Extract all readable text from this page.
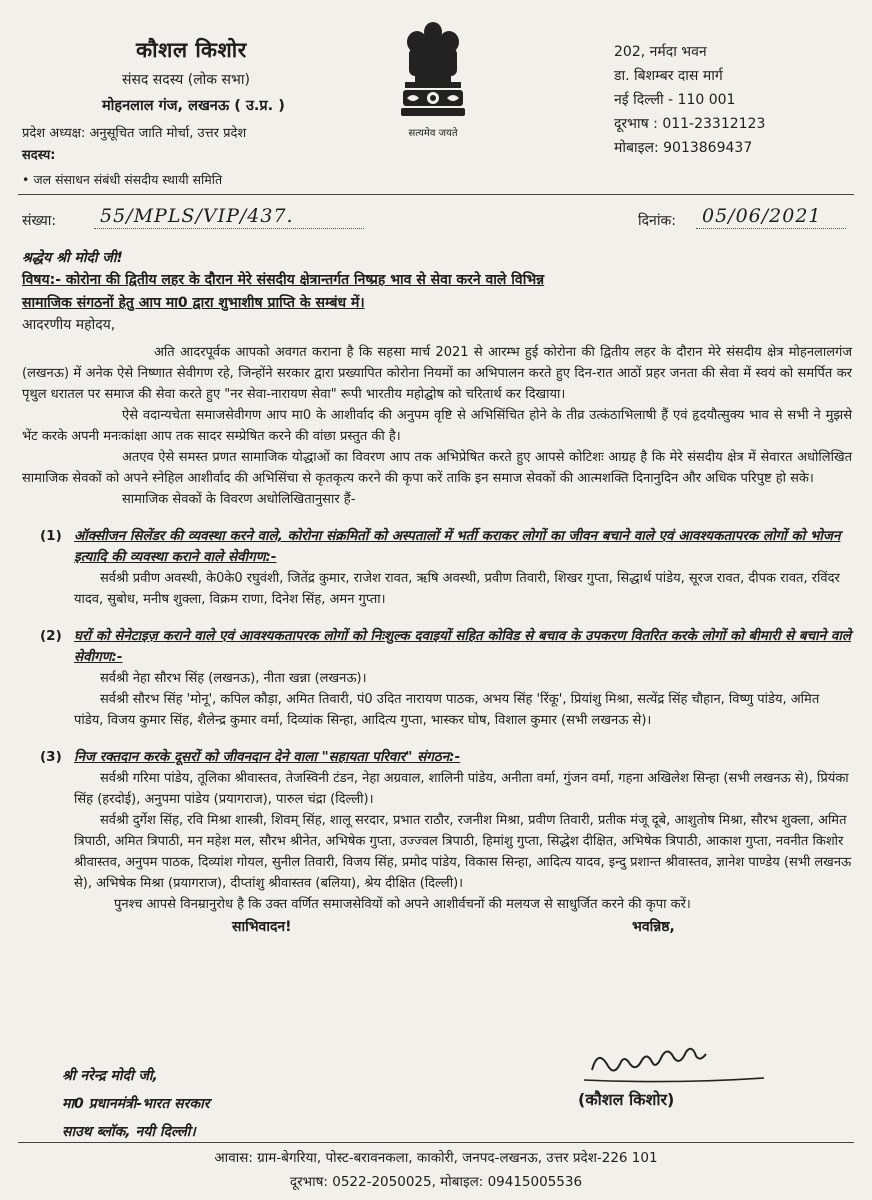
कौशल किशोर
संसद सदस्य (लोक सभा)
मोहनलाल गंज, लखनऊ ( उ.प्र. )
प्रदेश अध्यक्ष: अनुसूचित जाति मोर्चा, उत्तर प्रदेश
सदस्य:
• जल संसाधन संबंधी संसदीय स्थायी समिति
सत्यमेव जयते
202, नर्मदा भवन
डा. बिशम्बर दास मार्ग
नई दिल्ली - 110 001
दूरभाष : 011-23312123
मोबाइल: 9013869437
संख्या: 55/MPLS/VIP/437.	दिनांक: 05/06/2021

श्रद्धेय श्री मोदी जी!

विषय:- कोरोना की द्वितीय लहर के दौरान मेरे संसदीय क्षेत्रान्तर्गत निष्प्रह भाव से सेवा करने वाले विभिन्न

सामाजिक संगठनों हेतु आप मा0 द्वारा शुभाशीष प्राप्ति के सम्बंध में।

आदरणीय महोदय,

अति आदरपूर्वक आपको अवगत कराना है कि सहसा मार्च 2021 से आरम्भ हुई कोरोना की द्वितीय लहर के दौरान मेरे संसदीय क्षेत्र मोहनलालगंज (लखनऊ) में अनेक ऐसे निष्णात सेवीगण रहे, जिन्होंने सरकार द्वारा प्रख्यापित कोरोना नियमों का अभिपालन करते हुए दिन-रात आठों प्रहर जनता की सेवा में स्वयं को समर्पित कर पृथुल धरातल पर समाज की सेवा करते हुए "नर सेवा-नारायण सेवा" रूपी भारतीय महोद्घोष को चरितार्थ कर दिखाया।

ऐसे वदान्यचेता समाजसेवीगण आप मा0 के आशीर्वाद की अनुपम वृष्टि से अभिसिंचित होने के तीव्र उत्कंठाभिलाषी हैं एवं हृदयौत्सुक्य भाव से सभी ने मुझसे भेंट करके अपनी मनःकांक्षा आप तक सादर सम्प्रेषित करने की वांछा प्रस्तुत की है।

अतएव ऐसे समस्त प्रणत सामाजिक योद्धाओं का विवरण आप तक अभिप्रेषित करते हुए आपसे कोटिशः आग्रह है कि मेरे संसदीय क्षेत्र में सेवारत अधोलिखित सामाजिक सेवकों को अपने स्नेहिल आशीर्वाद की अभिसिंचा से कृतकृत्य करने की कृपा करें ताकि इन समाज सेवकों की आत्मशक्ति दिनानुदिन और अधिक परिपुष्ट हो सके।

सामाजिक सेवकों के विवरण अधोलिखितानुसार हैं-

(1) ऑक्सीजन सिलेंडर की व्यवस्था करने वाले, कोरोना संक्रमितों को अस्पतालों में भर्ती कराकर लोगों का जीवन बचाने वाले एवं आवश्यकतापरक लोगों को भोजन इत्यादि की व्यवस्था कराने वाले सेवीगण:-

सर्वश्री प्रवीण अवस्थी, के0के0 रघुवंशी, जितेंद्र कुमार, राजेश रावत, ऋषि अवस्थी, प्रवीण तिवारी, शिखर गुप्ता, सिद्धार्थ पांडेय, सूरज रावत, दीपक रावत, रविंदर यादव, सुबोध, मनीष शुक्ला, विक्रम राणा, दिनेश सिंह, अमन गुप्ता।

(2) घरों को सेनेटाइज़ कराने वाले एवं आवश्यकतापरक लोगों को निःशुल्क दवाइयों सहित कोविड से बचाव के उपकरण वितरित करके लोगों को बीमारी से बचाने वाले सेवीगण:-

सर्वश्री नेहा सौरभ सिंह (लखनऊ), नीता खन्ना (लखनऊ)।

सर्वश्री सौरभ सिंह 'मोनू', कपिल कौड़ा, अमित तिवारी, पं0 उदित नारायण पाठक, अभय सिंह 'रिंकू', प्रियांशु मिश्रा, सत्येंद्र सिंह चौहान, विष्णु पांडेय, अमित पांडेय, विजय कुमार सिंह, शैलेन्द्र कुमार वर्मा, दिव्यांक सिन्हा, आदित्य गुप्ता, भास्कर घोष, विशाल कुमार (सभी लखनऊ से)।

(3) निज रक्तदान करके दूसरों को जीवनदान देने वाला "सहायता परिवार" संगठन:-

सर्वश्री गरिमा पांडेय, तूलिका श्रीवास्तव, तेजस्विनी टंडन, नेहा अग्रवाल, शालिनी पांडेय, अनीता वर्मा, गुंजन वर्मा, गहना अखिलेश सिन्हा (सभी लखनऊ से), प्रियंका सिंह (हरदोई), अनुपमा पांडेय (प्रयागराज), पारुल चंद्रा (दिल्ली)।

सर्वश्री दुर्गेश सिंह, रवि मिश्रा शास्त्री, शिवम् सिंह, शालू सरदार, प्रभात राठौर, रजनीश मिश्रा, प्रवीण तिवारी, प्रतीक मंजू दूबे, आशुतोष मिश्रा, सौरभ शुक्ला, अमित त्रिपाठी, अमित त्रिपाठी, मन महेश मल, सौरभ श्रीनेत, अभिषेक गुप्ता, उज्ज्वल त्रिपाठी, हिमांशु गुप्ता, सिद्धेश दीक्षित, अभिषेक त्रिपाठी, आकाश गुप्ता, नवनीत किशोर श्रीवास्तव, अनुपम पाठक, दिव्यांश गोयल, सुनील तिवारी, विजय सिंह, प्रमोद पांडेय, विकास सिन्हा, आदित्य यादव, इन्दु प्रशान्त श्रीवास्तव, ज्ञानेश पाण्डेय (सभी लखनऊ से), अभिषेक मिश्रा (प्रयागराज), दीप्तांशु श्रीवास्तव (बलिया), श्रेय दीक्षित (दिल्ली)।

पुनश्च आपसे विनम्रानुरोध है कि उक्त वर्णित समाजसेवियों को अपने आशीर्वचनों की मलयज से साधुर्जित करने की कृपा करें।

साभिवादन!	भवन्निष्ठ,
श्री नरेन्द्र मोदी जी,
मा0 प्रधानमंत्री-भारत सरकार
साउथ ब्लॉक, नयी दिल्ली।
(कौशल किशोर)
आवास: ग्राम-बेगरिया, पोस्ट-बरावनकला, काकोरी, जनपद-लखनऊ, उत्तर प्रदेश-226 101
दूरभाष: 0522-2050025, मोबाइल: 09415005536
